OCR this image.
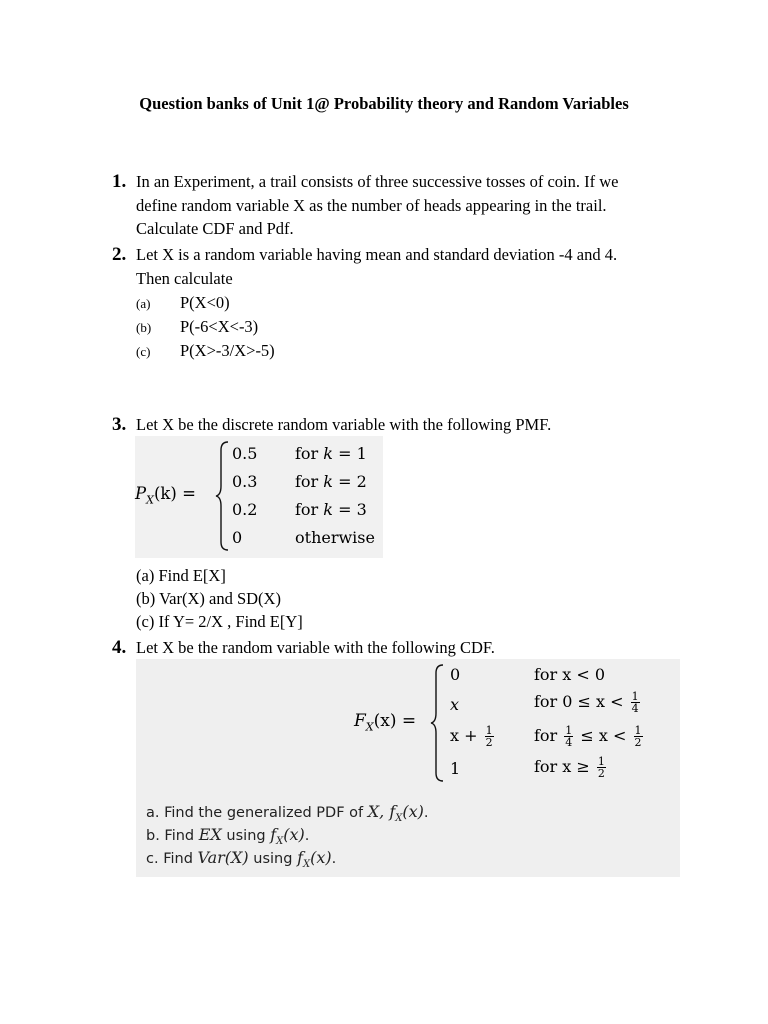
Question banks of Unit 1@ Probability theory and Random Variables
1. In an Experiment, a trail consists of three successive tosses of coin. If we
define random variable X as the number of heads appearing in the trail.
Calculate CDF and Pdf.
2. Let X is a random variable having mean and standard deviation -4 and 4.
Then calculate
(a) P(X<0)
(b) P(-6<X<-3)
(c) P(X>-3/X>-5)
3. Let X be the discrete random variable with the following PMF.
$P_X(k)$ =
0.5 for k = 1
0.3 for k = 2
0.2 for k = 3
0	otherwise
(a) Find E[X]
(b) Var(X) and SD(X)
(c) If Y= 2/X , Find E[Y]
4. Let X be the random variable with the following CDF.
$F_X(x)$ =
0	for x < 0
x	for $0 \le x < \frac{1}{4}$
$x + \frac{1}{2}$	for $\frac{1}{4} \le x < \frac{1}{2}$
1	for $x \ge \frac{1}{2}$
a. Find the generalized PDF of X, $f_X(x)$.
b. Find EX using $f_X(x)$.
c. Find Var(X) using $f_X(x)$.
